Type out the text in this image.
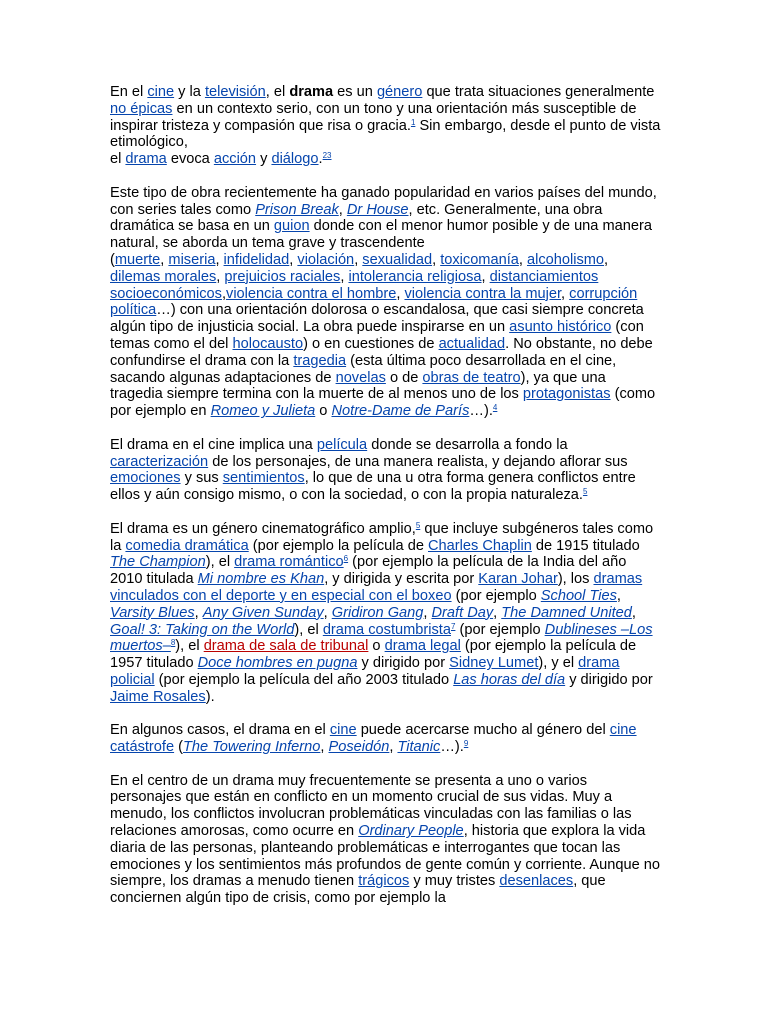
En el cine y la televisión, el drama es un género que trata situaciones generalmente no épicas en un contexto serio, con un tono y una orientación más susceptible de inspirar tristeza y compasión que risa o gracia.$^1$ Sin embargo, desde el punto de vista etimológico,
el drama evoca acción y diálogo.$^{23}$

Este tipo de obra recientemente ha ganado popularidad en varios países del mundo, con series tales como Prison Break, Dr House, etc. Generalmente, una obra dramática se basa en un guion donde con el menor humor posible y de una manera natural, se aborda un tema grave y trascendente
(muerte, miseria, infidelidad, violación, sexualidad, toxicomanía, alcoholismo, dilemas morales, prejuicios raciales, intolerancia religiosa, distanciamientos socioeconómicos,violencia contra el hombre, violencia contra la mujer, corrupción política…) con una orientación dolorosa o escandalosa, que casi siempre concreta algún tipo de injusticia social. La obra puede inspirarse en un asunto histórico (con temas como el del holocausto) o en cuestiones de actualidad. No obstante, no debe confundirse el drama con la tragedia (esta última poco desarrollada en el cine, sacando algunas adaptaciones de novelas o de obras de teatro), ya que una tragedia siempre termina con la muerte de al menos uno de los protagonistas (como por ejemplo en Romeo y Julieta o Notre-Dame de París…).$^4$

El drama en el cine implica una película donde se desarrolla a fondo la caracterización de los personajes, de una manera realista, y dejando aflorar sus emociones y sus sentimientos, lo que de una u otra forma genera conflictos entre ellos y aún consigo mismo, o con la sociedad, o con la propia naturaleza.$^5$

El drama es un género cinematográfico amplio,$^5$ que incluye subgéneros tales como la comedia dramática (por ejemplo la película de Charles Chaplin de 1915 titulado The Champion), el drama romántico$^6$ (por ejemplo la película de la India del año 2010 titulada Mi nombre es Khan, y dirigida y escrita por Karan Johar), los dramas vinculados con el deporte y en especial con el boxeo (por ejemplo School Ties, Varsity Blues, Any Given Sunday, Gridiron Gang, Draft Day, The Damned United, Goal! 3: Taking on the World), el drama costumbrista$^7$ (por ejemplo Dublineses –Los muertos–$^8$), el drama de sala de tribunal o drama legal (por ejemplo la película de 1957 titulado Doce hombres en pugna y dirigido por Sidney Lumet), y el drama policial (por ejemplo la película del año 2003 titulado Las horas del día y dirigido por Jaime Rosales).

En algunos casos, el drama en el cine puede acercarse mucho al género del cine catástrofe (The Towering Inferno, Poseidón, Titanic…).$^9$

En el centro de un drama muy frecuentemente se presenta a uno o varios personajes que están en conflicto en un momento crucial de sus vidas. Muy a menudo, los conflictos involucran problemáticas vinculadas con las familias o las relaciones amorosas, como ocurre en Ordinary People, historia que explora la vida diaria de las personas, planteando problemáticas e interrogantes que tocan las emociones y los sentimientos más profundos de gente común y corriente. Aunque no siempre, los dramas a menudo tienen trágicos y muy tristes desenlaces, que conciernen algún tipo de crisis, como por ejemplo la
